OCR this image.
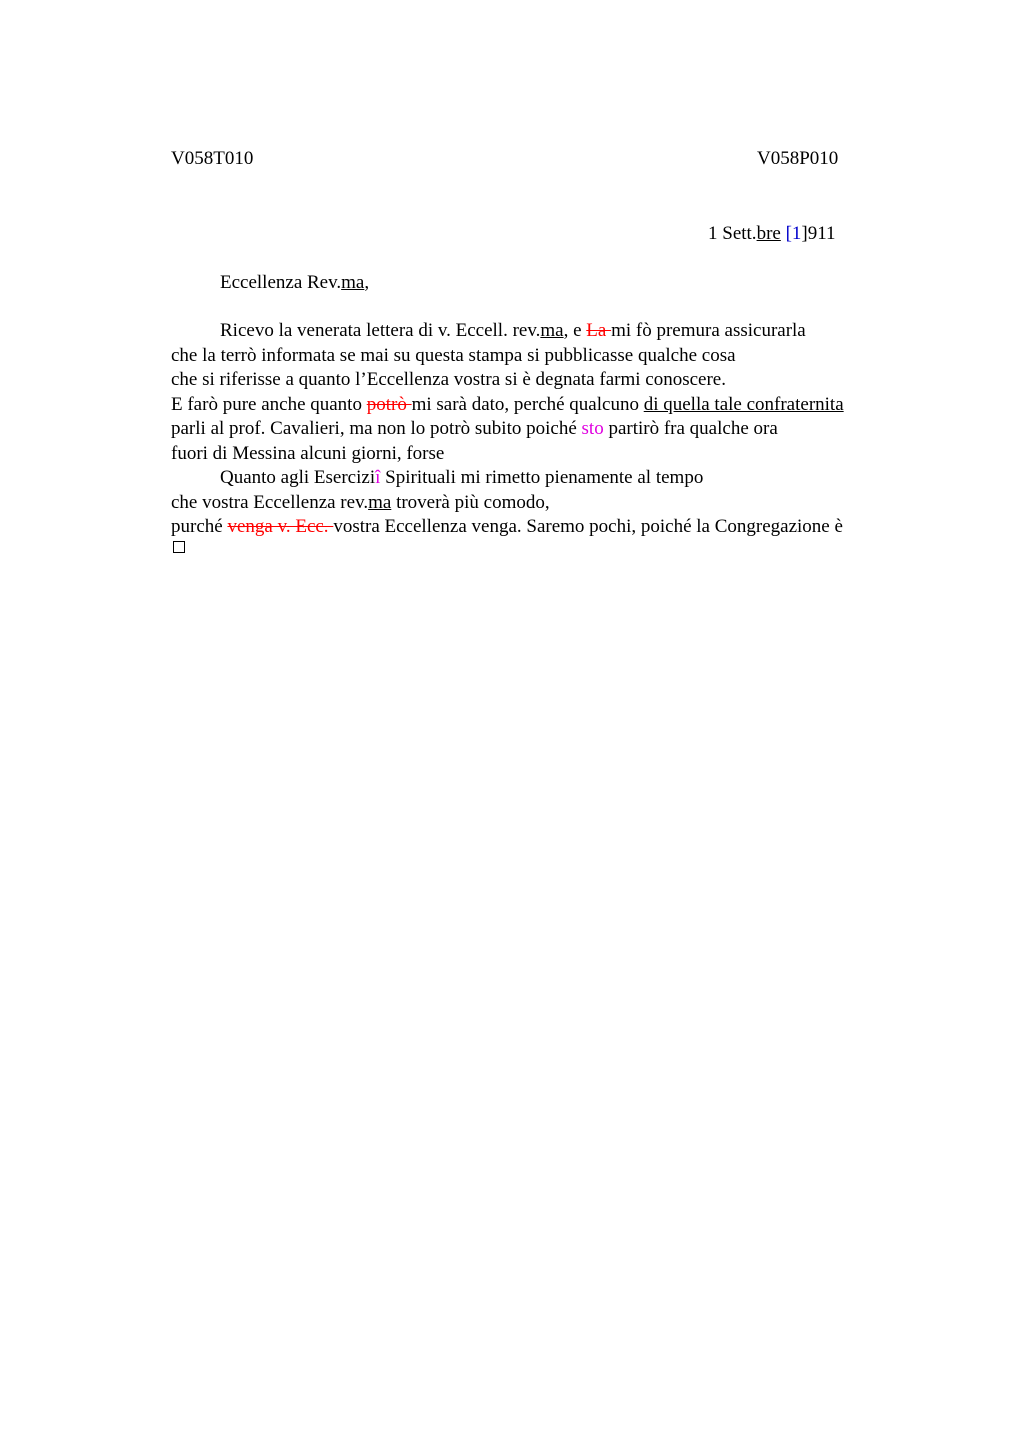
V058T010	V058P010
1 Sett.bre [1]911
Eccellenza Rev.ma,
Ricevo la venerata lettera di v. Eccell. rev.ma, e La mi fò premura assicurarla
che la terrò informata se mai su questa stampa si pubblicasse qualche cosa
che si riferisse a quanto l’Eccellenza vostra si è degnata farmi conoscere.
E farò pure anche quanto potrò mi sarà dato, perché qualcuno di quella tale confraternita
parli al prof. Cavalieri, ma non lo potrò subito poiché sto partirò fra qualche ora
fuori di Messina alcuni giorni, forse
Quanto agli Eserciziî Spirituali mi rimetto pienamente al tempo
che vostra Eccellenza rev.ma troverà più comodo,
purché venga v. Ecc. vostra Eccellenza venga. Saremo pochi, poiché la Congregazione è
